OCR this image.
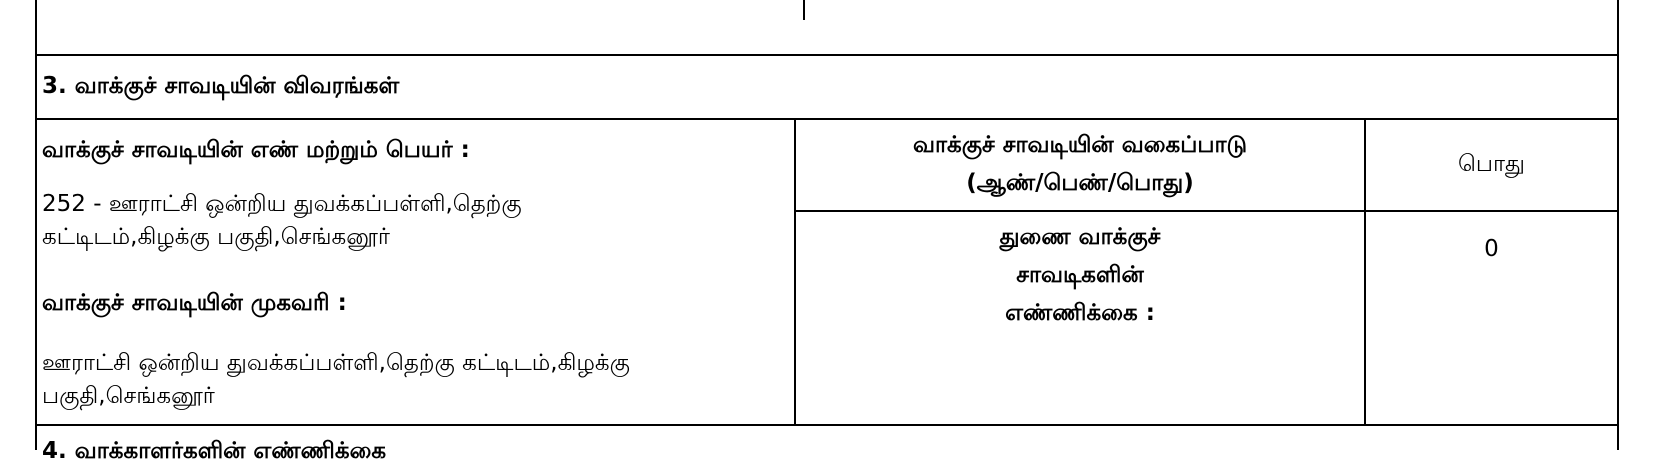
3. வாக்குச் சாவடியின் விவரங்கள்
வாக்குச் சாவடியின் எண் மற்றும் பெயர் :
252 - ஊராட்சி ஒன்றிய துவக்கப்பள்ளி,தெற்கு
கட்டிடம்,கிழக்கு பகுதி,செங்கனூர்
வாக்குச் சாவடியின் முகவரி :
ஊராட்சி ஒன்றிய துவக்கப்பள்ளி,தெற்கு கட்டிடம்,கிழக்கு
பகுதி,செங்கனூர்
வாக்குச் சாவடியின் வகைப்பாடு
(ஆண்/பெண்/பொது)
துணை வாக்குச்
சாவடிகளின்
எண்ணிக்கை :
பொது
0
4. வாக்காளர்களின் எண்ணிக்கை
